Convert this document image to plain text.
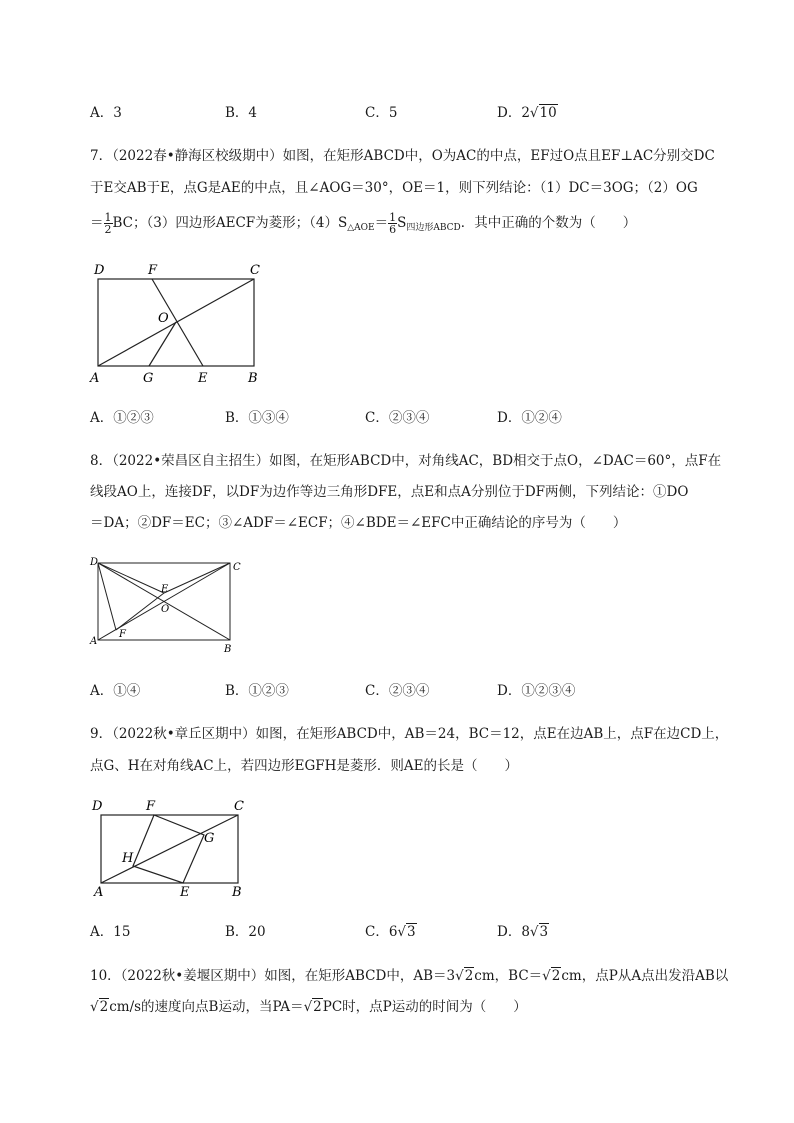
A．3	B．4	C．5	D．2√10
7．（2022春•静海区校级期中）如图，在矩形ABCD中，O为AC的中点，EF过O点且EF⊥AC分别交DC
于E交AB于E，点G是AE的中点，且∠AOG＝30°，OE＝1，则下列结论：（1）DC＝3OG；（2）OG
＝ $\frac{1}{2}$ BC；（3）四边形AECF为菱形；$(4)S_{\triangle AOE}= \frac{1}{6} S_{四边形ABCD}$．其中正确的个数为（　　）
D	F	C
O
A	G	E	B
A．①②③	B．①③④	C．②③④	D．①②④
8．（2022•荣昌区自主招生）如图，在矩形ABCD中，对角线AC，BD相交于点O，∠DAC＝60°，点F在
线段AO上，连接DF，以DF为边作等边三角形DFE，点E和点A分别位于DF两侧，下列结论：①DO
＝DA；②DF＝EC；③∠ADF＝∠ECF；④∠BDE＝∠EFC中正确结论的序号为（　　）
D	C
E
O
A
F
B
A．①④	B．①②③	C．②③④	D．①②③④
9．（2022秋•章丘区期中）如图，在矩形ABCD中，AB＝24，BC＝12，点E在边AB上，点F在边CD上，
点G、H在对角线AC上，若四边形EGFH是菱形．则AE的长是（　　）
D	F	C
G
H
A	E	B
A．15	B．20	C．6√3	D．8√3
10．（2022秋•姜堰区期中）如图，在矩形ABCD中，AB＝3√2cm，BC＝√2cm，点P从A点出发沿AB以
√2cm/s的速度向点B运动，当PA＝√2PC时，点P运动的时间为（　　）
